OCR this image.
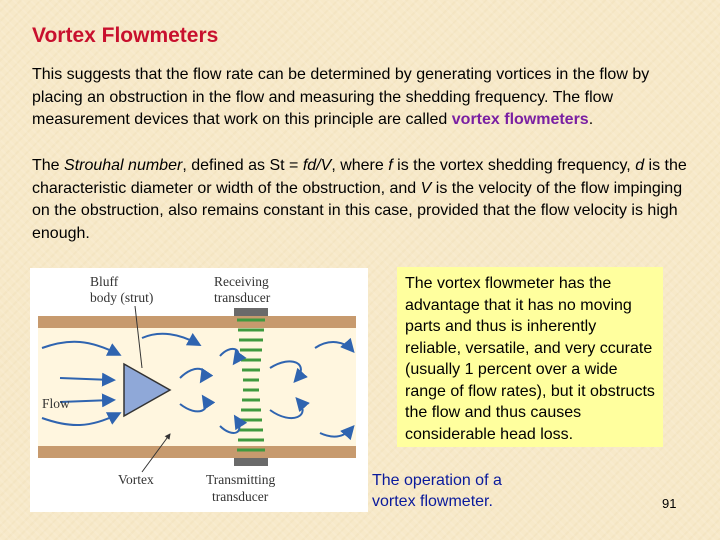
Vortex Flowmeters
This suggests that the flow rate can be determined by generating vortices in the flow by placing an obstruction in the flow and measuring the shedding frequency. The flow measurement devices that work on this principle are called vortex flowmeters.
The Strouhal number, defined as St = fd/V, where f is the vortex shedding frequency, d is the characteristic diameter or width of the obstruction, and V is the velocity of the flow impinging on the obstruction, also remains constant in this case, provided that the flow velocity is high enough.
Bluff
body (strut)
Receiving
transducer
Flow
Vortex	Transmitting
transducer
The vortex flowmeter has the advantage that it has no moving parts and thus is inherently reliable, versatile, and very ccurate (usually 1 percent over a wide range of flow rates), but it obstructs the flow and thus causes considerable head loss.
The operation of a
vortex flowmeter.	91
